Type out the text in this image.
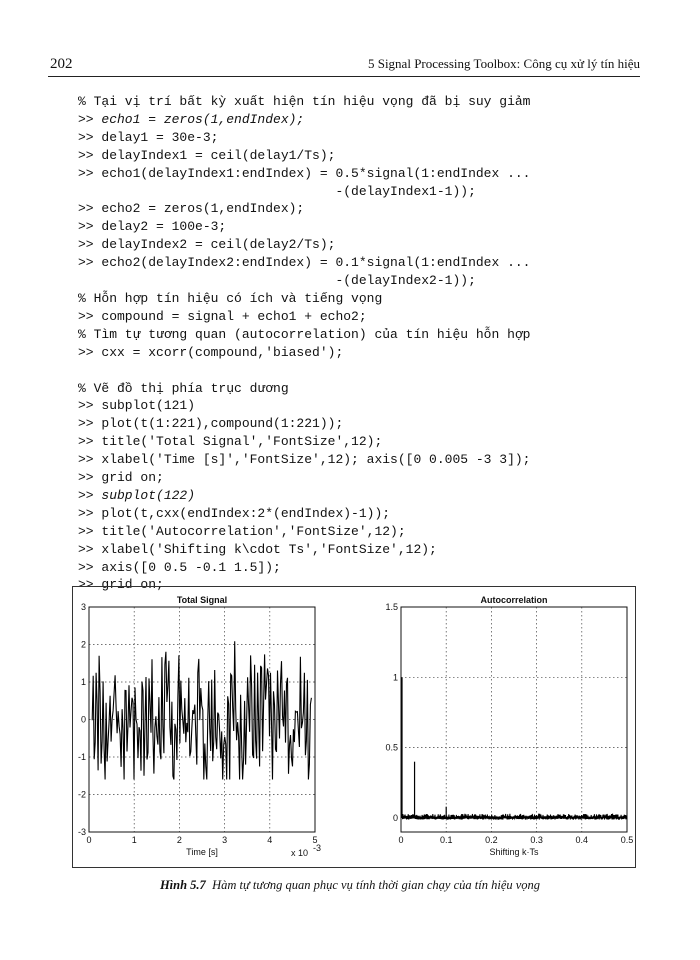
202	5 Signal Processing Toolbox: Công cụ xử lý tín hiệu
% Tại vị trí bất kỳ xuất hiện tín hiệu vọng đã bị suy giảm
>> echo1 = zeros(1,endIndex);
>> delay1 = 30e-3;
>> delayIndex1 = ceil(delay1/Ts);
>> echo1(delayIndex1:endIndex) = 0.5*signal(1:endIndex ...
-(delayIndex1-1));
>> echo2 = zeros(1,endIndex);
>> delay2 = 100e-3;
>> delayIndex2 = ceil(delay2/Ts);
>> echo2(delayIndex2:endIndex) = 0.1*signal(1:endIndex ...
-(delayIndex2-1));
% Hỗn hợp tín hiệu có ích và tiếng vọng
>> compound = signal + echo1 + echo2;
% Tìm tự tương quan (autocorrelation) của tín hiệu hỗn hợp
>> cxx = xcorr(compound,'biased');

% Vẽ đồ thị phía trục dương
>> subplot(121)
>> plot(t(1:221),compound(1:221));
>> title('Total Signal','FontSize',12);
>> xlabel('Time [s]','FontSize',12); axis([0 0.005 -3 3]);
>> grid on;
>> subplot(122)
>> plot(t,cxx(endIndex:2*(endIndex)-1));
>> title('Autocorrelation','FontSize',12);
>> xlabel('Shifting k\cdot Ts','FontSize',12);
>> axis([0 0.5 -0.1 1.5]);
>> grid on;

0	1	2	3	4	5
-3
-2
-1
0
1
2
3
Total Signal
Time [s]	x 10 -3
0	0.1	0.2	0.3	0.4	0.5
0
0.5
1
1.5
Autocorrelation
Shifting k·Ts
Hình 5.7 Hàm tự tương quan phục vụ tính thời gian chạy của tín hiệu vọng
